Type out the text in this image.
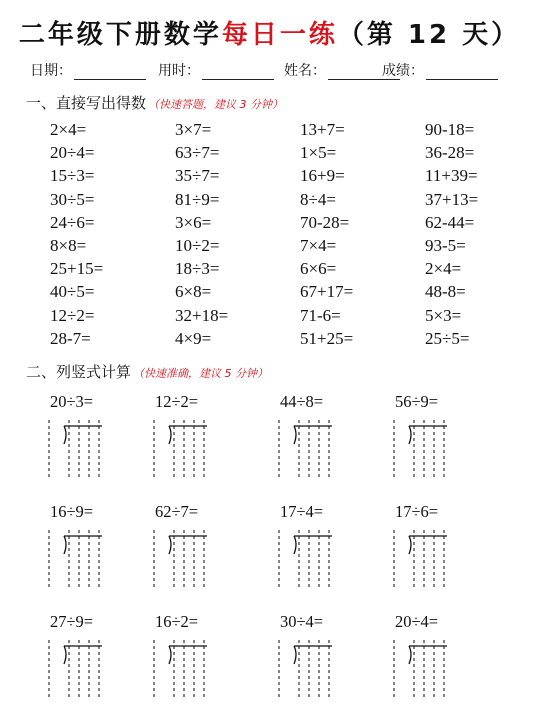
二年级下册数学每日一练（第 12 天）
日期：	用时：	姓名：	成绩：
一、直接写出得数 （快速答题，建议 3 分钟）
2×4=	3×7=	13+7=	90-18=
20÷4=	63÷7=	1×5=	36-28=
15÷3=	35÷7=	16+9=	11+39=
30÷5=	81÷9=	8÷4=	37+13=
24÷6=	3×6=	70-28=	62-44=
8×8=	10÷2=	7×4=	93-5=
25+15=	18÷3=	6×6=	2×4=
40÷5=	6×8=	67+17=	48-8=
12÷2=	32+18=	71-6=	5×3=
28-7=	4×9=	51+25=	25÷5=
二、列竖式计算 （快速准确，建议 5 分钟）
20÷3=	12÷2=	44÷8=	56÷9=
16÷9=	62÷7=	17÷4=	17÷6=
27÷9=	16÷2=	30÷4=	20÷4=
